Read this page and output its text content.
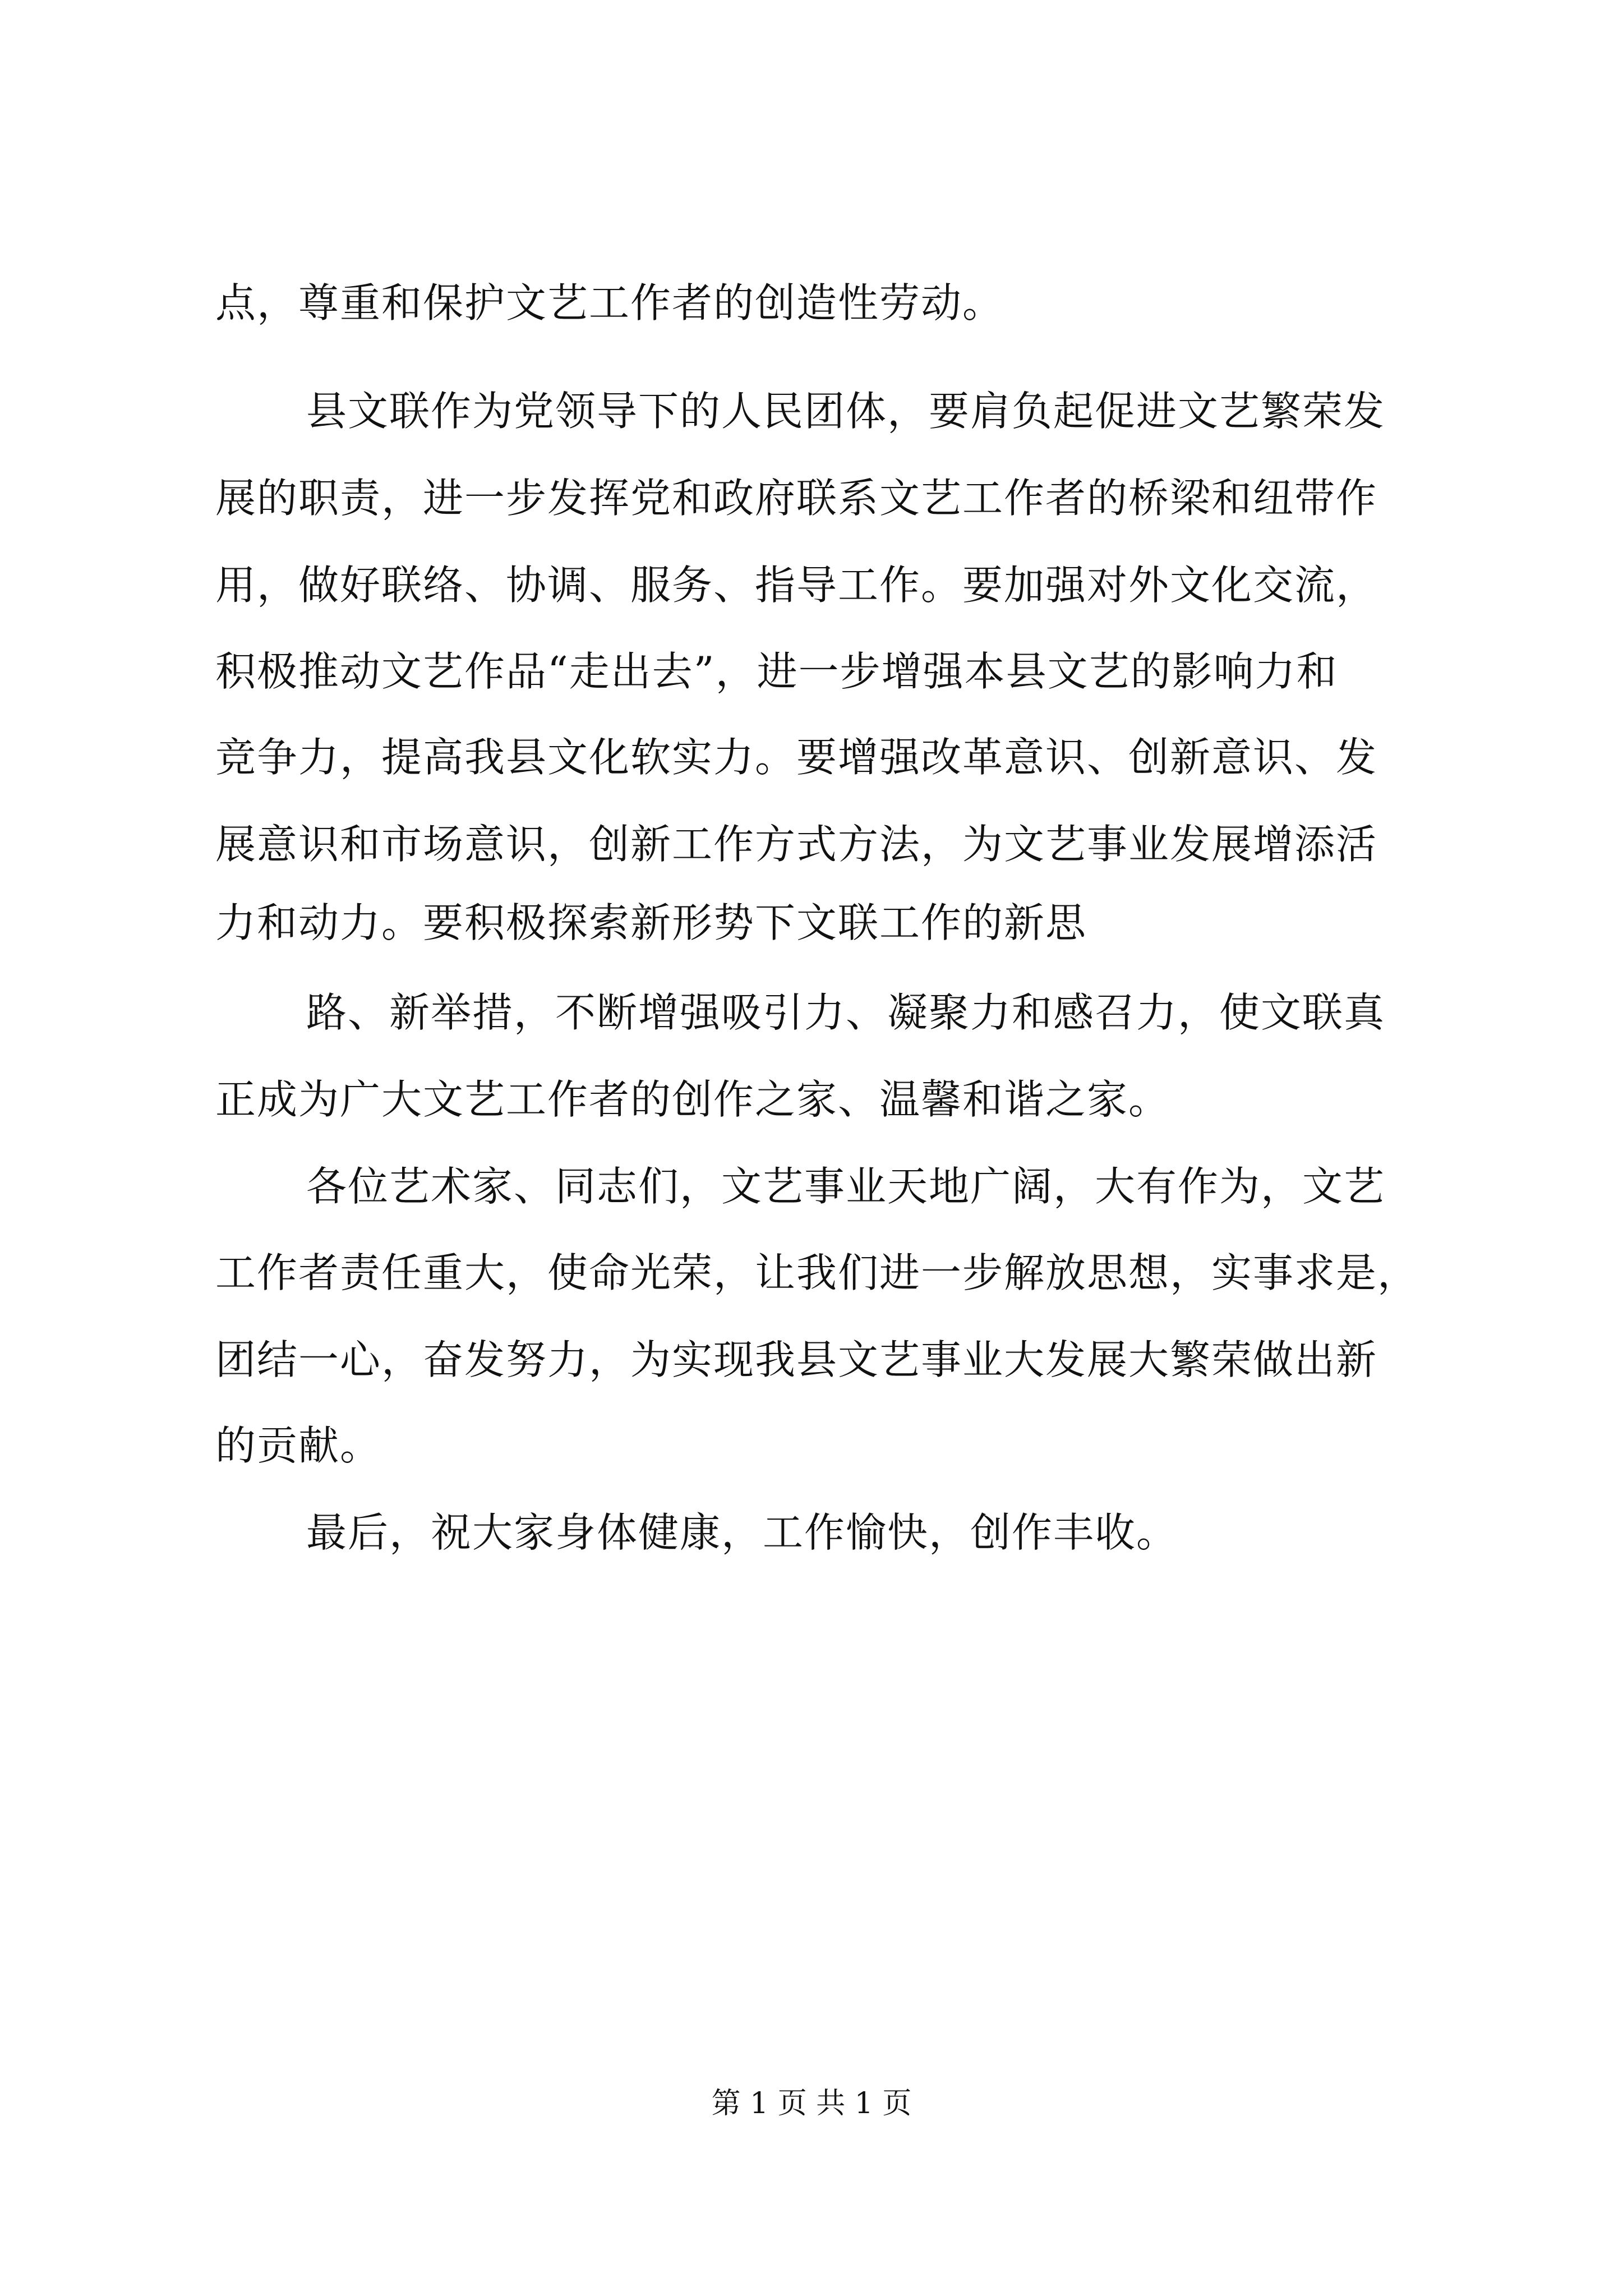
点，尊重和保护文艺工作者的创造性劳动。
县文联作为党领导下的人民团体，要肩负起促进文艺繁荣发
展的职责，进一步发挥党和政府联系文艺工作者的桥梁和纽带作
用，做好联络、协调、服务、指导工作。要加强对外文化交流，
积极推动文艺作品“走出去”，进一步增强本县文艺的影响力和
竞争力，提高我县文化软实力。要增强改革意识、创新意识、发
展意识和市场意识，创新工作方式方法，为文艺事业发展增添活
力和动力。要积极探索新形势下文联工作的新思
路、新举措，不断增强吸引力、凝聚力和感召力，使文联真
正成为广大文艺工作者的创作之家、温馨和谐之家。
各位艺术家、同志们，文艺事业天地广阔，大有作为，文艺
工作者责任重大，使命光荣，让我们进一步解放思想，实事求是，
团结一心，奋发努力，为实现我县文艺事业大发展大繁荣做出新
的贡献。
最后，祝大家身体健康，工作愉快，创作丰收。
第 1 页 共 1 页
